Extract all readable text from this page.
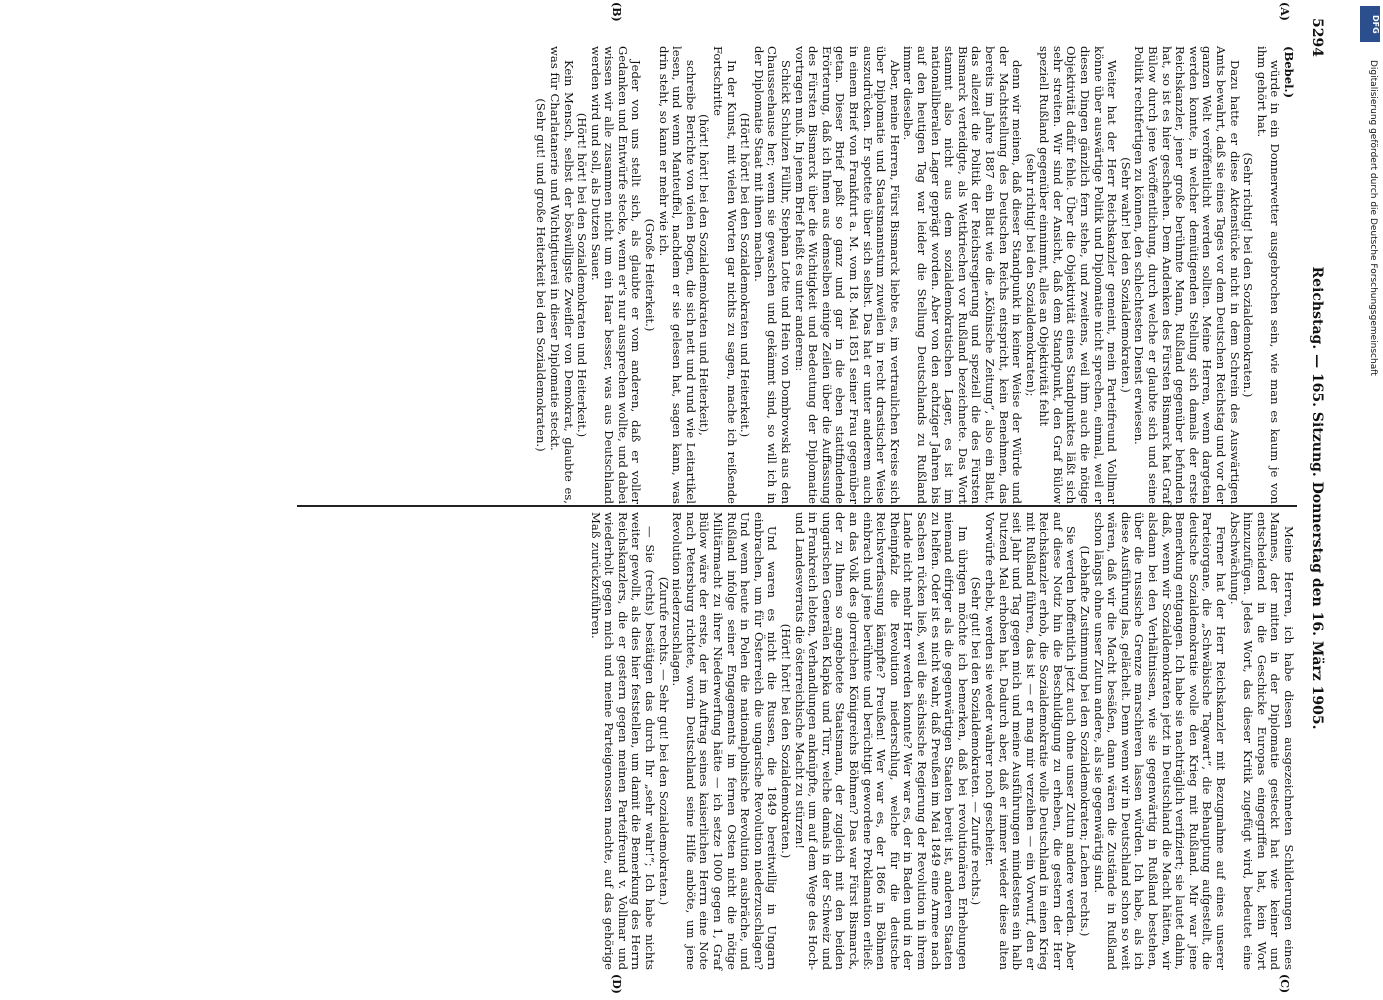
5294
Reichstag. — 165. Sitzung. Donnerstag den 16. März 1905.
(A)
(B)
(C)
(D)

(Bebel.)

würde in ein Donnerwetter ausgebrochen sein, wie man es kaum je von ihm gehört hat.

(Sehr richtig! bei den Sozialdemokraten.)

Dazu hatte er diese Aktenstücke nicht in dem Schrein des Auswärtigen Amts bewahrt, daß sie eines Tages vor dem Deutschen Reichstag und vor der ganzen Welt veröffentlicht werden sollten. Meine Herren, wenn dargetan werden konnte, in welcher demütigenden Stellung sich damals der erste Reichskanzler, jener große berühmte Mann, Rußland gegenüber befunden hat, so ist es hier geschehen. Dem Andenken des Fürsten Bismarck hat Graf Bülow durch jene Veröffentlichung, durch welche er glaubte sich und seine Politik rechtfertigen zu können, den schlechtesten Dienst erwiesen.

(Sehr wahr! bei den Sozialdemokraten.)

Weiter hat der Herr Reichskanzler gemeint, mein Parteifreund Vollmar könne über auswärtige Politik und Diplomatie nicht sprechen, einmal, weil er diesen Dingen gänzlich fern stehe, und zweitens, weil ihm auch die nötige Objektivität dafür fehle. Über die Objektivität eines Standpunktes läßt sich sehr streiten. Wir sind der Ansicht, daß dem Standpunkt, den Graf Bülow speziell Rußland gegenüber einnimmt, alles an Objektivität fehlt

(sehr richtig! bei den Sozialdemokraten);

denn wir meinen, daß dieser Standpunkt in keiner Weise der Würde und der Machtstellung des Deutschen Reichs entspricht, kein Benehmen, das bereits im Jahre 1887 ein Blatt wie die „Kölnische Zeitung“, also ein Blatt, das allezeit die Politik der Reichsregierung und speziell die des Fürsten Bismarck verteidigte, als Wettkriechen vor Rußland bezeichnete. Das Wort stammt also nicht aus dem sozialdemokratischen Lager, es ist im nationalliberalen Lager geprägt worden. Aber von den achtziger Jahren bis auf den heutigen Tag war leider die Stellung Deutschlands zu Rußland immer dieselbe.

Aber, meine Herren, Fürst Bismarck liebte es, im vertraulichen Kreise sich über Diplomatie und Staatsmannstum zuweilen in recht drastischer Weise auszudrücken. Er spottete über sich selbst. Das hat er unter anderem auch in einem Brief von Frankfurt a. M. vom 18. Mai 1851 seiner Frau gegenüber getan. Dieser Brief paßt so ganz und gar in die eben stattfindende Erörterung, daß ich Ihnen aus demselben einige Zeilen über die Auffassung des Fürsten Bismarck über die Wichtigkeit und Bedeutung der Diplomatie vortragen muß. In jenem Brief heißt es unter anderem:

Schickt Schulzen Füllhr, Stephan Lotte und Hein von Dombrowski aus den Chausseehause her; wenn sie gewaschen und gekämmt sind, so will ich in der Diplomatie Staat mit ihnen machen.

(Hört! hört! bei den Sozialdemokraten und Heiterkeit.)

In der Kunst, mit vielen Worten gar nichts zu sagen, mache ich reißende Fortschritte

(hört! hört! bei den Sozialdemokraten und Heiterkeit),

schreibe Berichte von vielen Bogen, die sich nett und rund wie Leitartikel lesen, und wenn Manteuffel, nachdem er sie gelesen hat, sagen kann, was drin steht, so kann er mehr wie ich.

(Große Heiterkeit.)

Jeder von uns stellt sich, als glaubte er vom anderen, daß er voller Gedanken und Entwürfe stecke, wenn er's nur aussprechen wollte, und dabei wissen wir alle zusammen nicht um ein Haar besser, was aus Deutschland werden wird und soll, als Dutzen Sauer.

(Hört! hört! bei den Sozialdemokraten und Heiterkeit.)

Kein Mensch, selbst der böswilligste Zweifler von Demokrat, glaubte es, was für Charlatanerie und Wichtigtuerei in dieser Diplomatie steckt.

(Sehr gut! und große Heiterkeit bei den Sozialdemokraten.)

Meine Herren, ich habe diesen ausgezeichneten Schilderungen eines Mannes, der mitten in der Diplomatie gesteckt hat wie keiner und entscheidend in die Geschicke Europas eingegriffen hat, kein Wort hinzuzufügen. Jedes Wort, das dieser Kritik zugefügt wird, bedeutet eine Abschwächung.

Ferner hat der Herr Reichskanzler mit Bezugnahme auf eines unserer Parteiorgane, die „Schwäbische Tagwart“, die Behauptung aufgestellt, die deutsche Sozialdemokratie wolle den Krieg mit Rußland. Mir war jene Bemerkung entgangen. Ich habe sie nachträglich verifiziert; sie lautet dahin, daß, wenn wir Sozialdemokraten jetzt in Deutschland die Macht hätten, wir alsdann bei den Verhältnissen, wie sie gegenwärtig in Rußland bestehen, über die russische Grenze marschieren lassen würden. Ich habe, als ich diese Ausführung las, gelächelt. Denn wenn wir in Deutschland schon so weit wären, daß wir die Macht besäßen, dann wären die Zustände in Rußland schon längst ohne unser Zutun andere, als sie gegenwärtig sind.

(Lebhafte Zustimmung bei den Sozialdemokraten; Lachen rechts.)

Sie werden hoffentlich jetzt auch ohne unser Zutun andere werden. Aber auf diese Notiz hin die Beschuldigung zu erheben, die gestern der Herr Reichskanzler erhob, die Sozialdemokratie wolle Deutschland in einen Krieg mit Rußland führen, das ist — er mag mir verzeihen — ein Vorwurf, den er seit Jahr und Tag gegen mich und meine Ausführungen mindestens ein halb Dutzend Mal erhoben hat. Dadurch aber, daß er immer wieder diese alten Vorwürfe erhebt, werden sie weder wahrer noch gescheiter.

(Sehr gut! bei den Sozialdemokraten. — Zurufe rechts.)

Im übrigen möchte ich bemerken, daß bei revolutionären Erhebungen niemand eifriger als die gegenwärtigen Staaten bereit ist, anderen Staaten zu helfen. Oder ist es nicht wahr, daß Preußen im Mai 1849 eine Armee nach Sachsen rücken ließ, weil die sächsische Regierung der Revolution in ihrem Lande nicht mehr Herr werden konnte? Wer war es, der in Baden und in der Rheinpfalz die Revolution niederschlug, welche für die deutsche Reichsverfassung kämpfte? Preußen! Wer war es, der 1866 in Böhmen einbrach und jene berühmte und berüchtigt gewordene Proklamation erließ: an das Volk des glorreichen Königreichs Böhmen? Das war Fürst Bismarck, der zu Ihnen so angebotete Staatsmann, der zugleich mit den beiden ungarischen Generälen Klapka und Türr, welche damals in der Schweiz und in Frankreich lebten, Verhandlungen anknüpfte, um auf dem Wege des Hoch- und Landesverrats die österreichische Macht zu stürzen!

(Hört! hört! bei den Sozialdemokraten.)

Und waren es nicht die Russen, die 1849 bereitwillig in Ungarn einbrachen, um für Österreich die ungarische Revolution niederzuschlagen? Und wenn heute in Polen die nationalpolnische Revolution ausbräche, und Rußland infolge seiner Engagements im fernen Osten nicht die nötige Militärmacht zu ihrer Niederwerfung hätte — ich setze 1000 gegen 1, Graf Bülow wäre der erste, der im Auftrag seines kaiserlichen Herrn eine Note nach Petersburg richtete, worin Deutschland seine Hilfe anböte, um jene Revolution niederzuschlagen.

(Zurufe rechts. — Sehr gut! bei den Sozialdemokraten.)

— Sie (rechts) bestätigen das durch Ihr „sehr wahr!“; Ich habe nichts weiter gewollt, als dies hier feststellen, um damit die Bemerkung des Herrn Reichskanzlers, die er gestern gegen meinen Parteifreund v. Vollmar und wiederholt gegen mich und meine Parteigenossen machte, auf das gehörige Maß zurückzuführen.

DFG
Digitalisierung gefördert durch die Deutsche Forschungsgemeinschaft
